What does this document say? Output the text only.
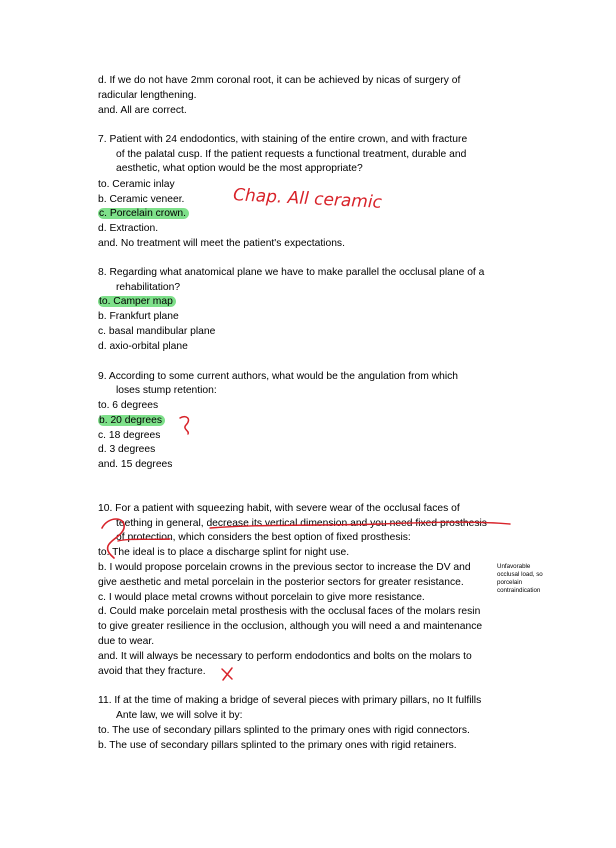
d. If we do not have 2mm coronal root, it can be achieved by nicas of surgery of
radicular lengthening.
and. All are correct.
7. Patient with 24 endodontics, with staining of the entire crown, and with fracture
of the palatal cusp. If the patient requests a functional treatment, durable and
aesthetic, what option would be the most appropriate?
to. Ceramic inlay
b. Ceramic veneer.
c. Porcelain crown.
d. Extraction.
and. No treatment will meet the patient's expectations.
Chap. All ceramic
8. Regarding what anatomical plane we have to make parallel the occlusal plane of a
rehabilitation?
to. Camper map
b. Frankfurt plane
c. basal mandibular plane
d. axio-orbital plane
9. According to some current authors, what would be the angulation from which
loses stump retention:
to. 6 degrees
b. 20 degrees
c. 18 degrees
d. 3 degrees
and. 15 degrees
10. For a patient with squeezing habit, with severe wear of the occlusal faces of
teething in general, decrease its vertical dimension and you need fixed prosthesis
of protection, which considers the best option of fixed prosthesis:
to. The ideal is to place a discharge splint for night use.
b. I would propose porcelain crowns in the previous sector to increase the DV and
give aesthetic and metal porcelain in the posterior sectors for greater resistance.
c. I would place metal crowns without porcelain to give more resistance.
d. Could make porcelain metal prosthesis with the occlusal faces of the molars resin
to give greater resilience in the occlusion, although you will need a and maintenance
due to wear.
and. It will always be necessary to perform endodontics and bolts on the molars to
avoid that they fracture.
Unfavorable
occlusal load, so
porcelain
contraindication
11. If at the time of making a bridge of several pieces with primary pillars, no It fulfills
Ante law, we will solve it by:
to. The use of secondary pillars splinted to the primary ones with rigid connectors.
b. The use of secondary pillars splinted to the primary ones with rigid retainers.
